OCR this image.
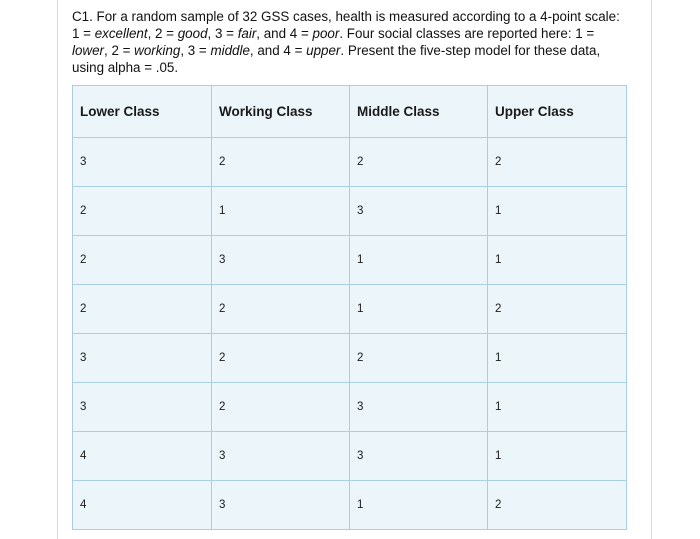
C1. For a random sample of 32 GSS cases, health is measured according to a 4-point scale:

1 = excellent, 2 = good, 3 = fair, and 4 = poor. Four social classes are reported here: 1 =

lower, 2 = working, 3 = middle, and 4 = upper. Present the five-step model for these data,

using alpha = .05.

Lower Class	Working Class	Middle Class	Upper Class
3	2	2	2
2	1	3	1
2	3	1	1
2	2	1	2
3	2	2	1
3	2	3	1
4	3	3	1
4	3	1	2
